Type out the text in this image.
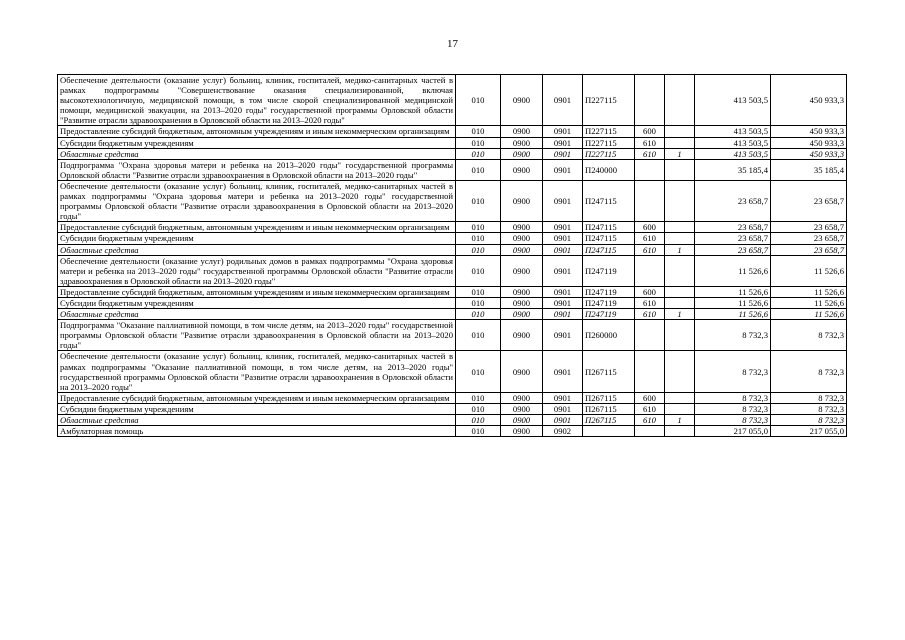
17
Обеспечение деятельности (оказание услуг) больниц, клиник, госпиталей, медико-санитарных частей в рамках подпрограммы "Совершенствование оказания специализированной, включая высокотехнологичную, медицинской помощи, в том числе скорой специализированной медицинской помощи, медицинской эвакуации, на 2013–2020 годы" государственной программы Орловской области "Развитие отрасли здравоохранения в Орловской области на 2013–2020 годы"	010	0900	0901	П227115			413 503,5	450 933,3
Предоставление субсидий бюджетным, автономным учреждениям и иным некоммерческим организациям	010	0900	0901	П227115	600		413 503,5	450 933,3
Субсидии бюджетным учреждениям	010	0900	0901	П227115	610		413 503,5	450 933,3
Областные средства	010	0900	0901	П227115	610	1	413 503,5	450 933,3
Подпрограмма "Охрана здоровья матери и ребенка на 2013–2020 годы" государственной программы Орловской области "Развитие отрасли здравоохранения в Орловской области на 2013–2020 годы"	010	0900	0901	П240000			35 185,4	35 185,4
Обеспечение деятельности (оказание услуг) больниц, клиник, госпиталей, медико-санитарных частей в рамках подпрограммы "Охрана здоровья матери и ребенка на 2013–2020 годы" государственной программы Орловской области "Развитие отрасли здравоохранения в Орловской области на 2013–2020 годы"	010	0900	0901	П247115			23 658,7	23 658,7
Предоставление субсидий бюджетным, автономным учреждениям и иным некоммерческим организациям	010	0900	0901	П247115	600		23 658,7	23 658,7
Субсидии бюджетным учреждениям	010	0900	0901	П247115	610		23 658,7	23 658,7
Областные средства	010	0900	0901	П247115	610	1	23 658,7	23 658,7
Обеспечение деятельности (оказание услуг) родильных домов в рамках подпрограммы "Охрана здоровья матери и ребенка на 2013–2020 годы" государственной программы Орловской области "Развитие отрасли здравоохранения в Орловской области на 2013–2020 годы"	010	0900	0901	П247119			11 526,6	11 526,6
Предоставление субсидий бюджетным, автономным учреждениям и иным некоммерческим организациям	010	0900	0901	П247119	600		11 526,6	11 526,6
Субсидии бюджетным учреждениям	010	0900	0901	П247119	610		11 526,6	11 526,6
Областные средства	010	0900	0901	П247119	610	1	11 526,6	11 526,6
Подпрограмма "Оказание паллиативной помощи, в том числе детям, на 2013–2020 годы" государственной программы Орловской области "Развитие отрасли здравоохранения в Орловской области на 2013–2020 годы"	010	0900	0901	П260000			8 732,3	8 732,3
Обеспечение деятельности (оказание услуг) больниц, клиник, госпиталей, медико-санитарных частей в рамках подпрограммы "Оказание паллиативной помощи, в том числе детям, на 2013–2020 годы" государственной программы Орловской области "Развитие отрасли здравоохранения в Орловской области на 2013–2020 годы"	010	0900	0901	П267115			8 732,3	8 732,3
Предоставление субсидий бюджетным, автономным учреждениям и иным некоммерческим организациям	010	0900	0901	П267115	600		8 732,3	8 732,3
Субсидии бюджетным учреждениям	010	0900	0901	П267115	610		8 732,3	8 732,3
Областные средства	010	0900	0901	П267115	610	1	8 732,3	8 732,3
Амбулаторная помощь	010	0900	0902				217 055,0	217 055,0
